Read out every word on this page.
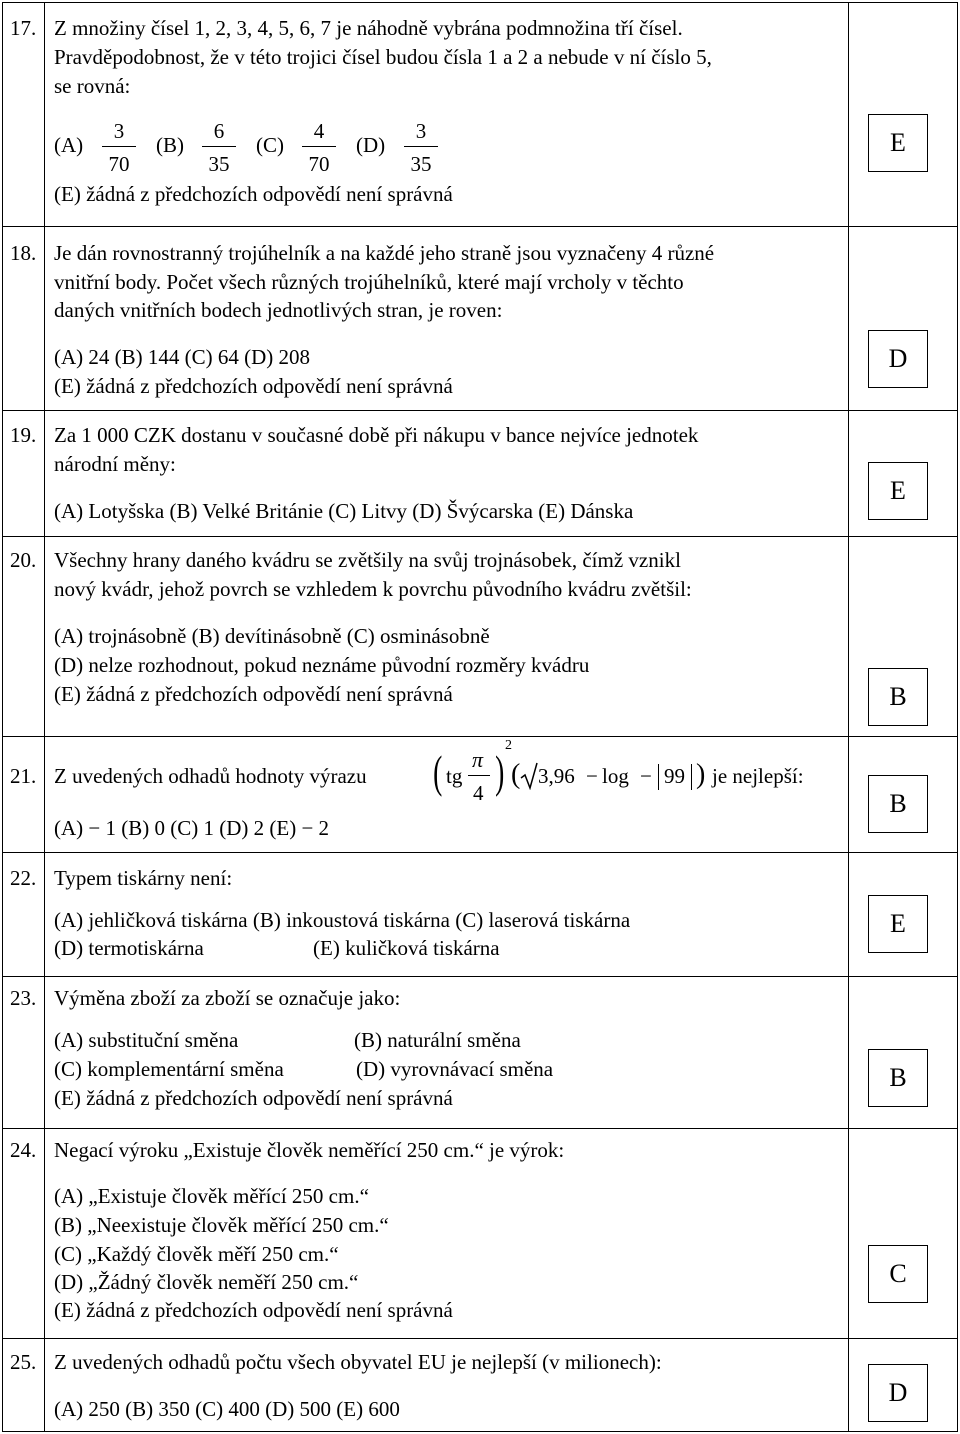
17. Z množiny čísel 1, 2, 3, 4, 5, 6, 7 je náhodně vybrána podmnožina tří čísel.
Pravděpodobnost, že v této trojici čísel budou čísla 1 a 2 a nebude v ní číslo 5,
se rovná:
(A)
3
70
(B)
6
35
(C)
4
70
(D)
3
35
(E) žádná z předchozích odpovědí není správná
E
18. Je dán rovnostranný trojúhelník a na každé jeho straně jsou vyznačeny 4 různé
vnitřní body. Počet všech různých trojúhelníků, které mají vrcholy v těchto
daných vnitřních bodech jednotlivých stran, je roven:
(A) 24 (B) 144 (C) 64 (D) 208
(E) žádná z předchozích odpovědí není správná
D
19. Za 1 000 CZK dostanu v současné době při nákupu v bance nejvíce jednotek
národní měny:
(A) Lotyšska (B) Velké Británie (C) Litvy (D) Švýcarska (E) Dánska
E
20. Všechny hrany daného kvádru se zvětšily na svůj trojnásobek, čímž vznikl
nový kvádr, jehož povrch se vzhledem k povrchu původního kvádru zvětšil:
(A) trojnásobně (B) devítinásobně (C) osminásobně
(D) nelze rozhodnout, pokud neznáme původní rozměry kvádru
(E) žádná z předchozích odpovědí není správná	B
21. Z uvedených odhadů hodnoty výrazu ( tg
π
4 )
2
( 3,96 − log − 99 ) je nejlepší:
(A) − 1 (B) 0 (C) 1 (D) 2 (E) − 2
B
22. Typem tiskárny není:
(A) jehličková tiskárna (B) inkoustová tiskárna (C) laserová tiskárna
(D) termotiskárna	(E) kuličková tiskárna
E
23. Výměna zboží za zboží se označuje jako:
(A) substituční směna	(B) naturální směna
(C) komplementární směna	(D) vyrovnávací směna
(E) žádná z předchozích odpovědí není správná
B
24. Negací výroku „Existuje člověk neměřící 250 cm.“ je výrok:
(A) „Existuje člověk měřící 250 cm.“
(B) „Neexistuje člověk měřící 250 cm.“
(C) „Každý člověk měří 250 cm.“
(D) „Žádný člověk neměří 250 cm.“
(E) žádná z předchozích odpovědí není správná
C
25. Z uvedených odhadů počtu všech obyvatel EU je nejlepší (v milionech):
(A) 250 (B) 350 (C) 400 (D) 500 (E) 600
D
